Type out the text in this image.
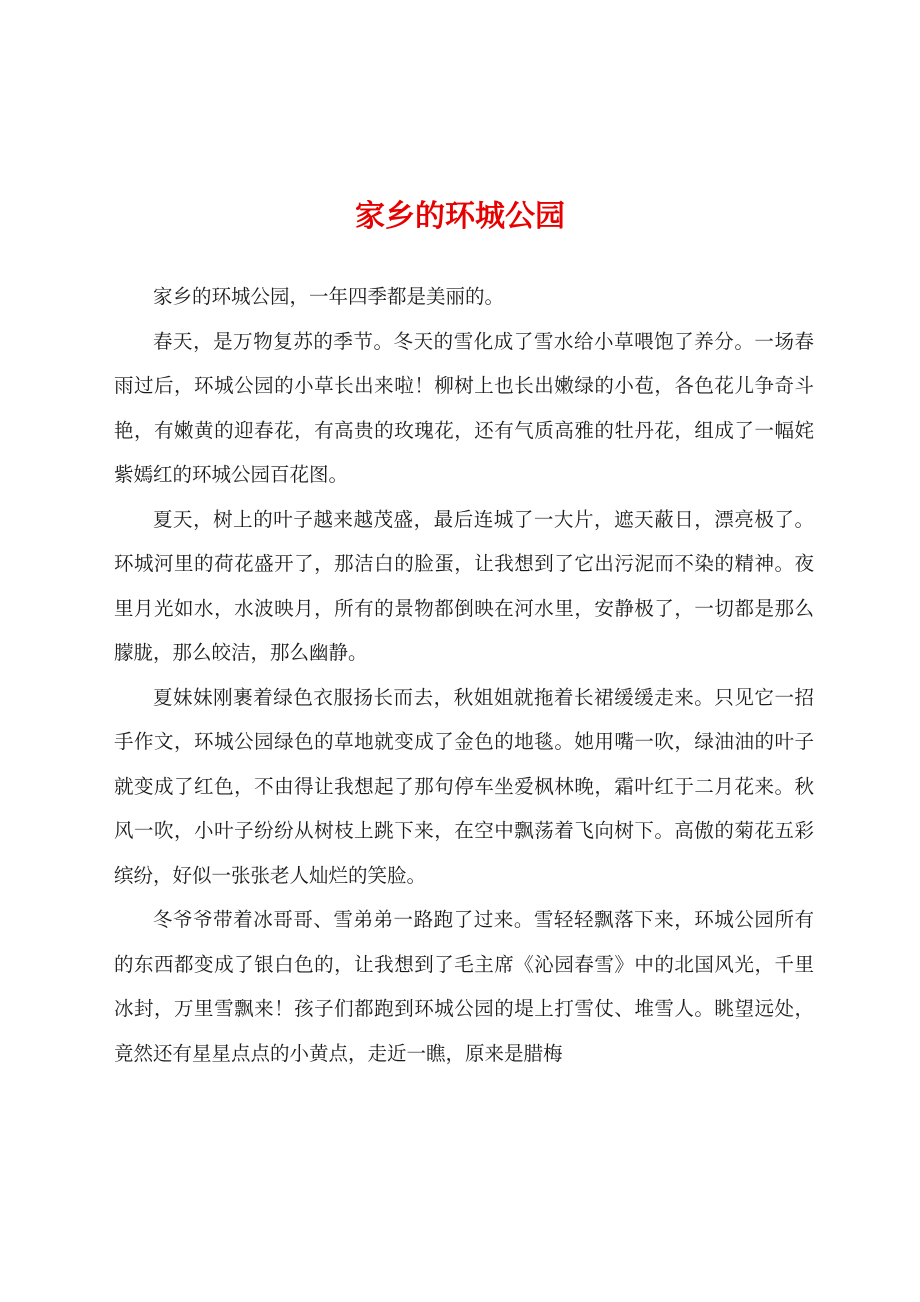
家乡的环城公园

家乡的环城公园，一年四季都是美丽的。

春天，是万物复苏的季节。冬天的雪化成了雪水给小草喂饱了养分。一场春雨过后，环城公园的小草长出来啦！柳树上也长出嫩绿的小苞，各色花儿争奇斗艳，有嫩黄的迎春花，有高贵的玫瑰花，还有气质高雅的牡丹花，组成了一幅姹紫嫣红的环城公园百花图。

夏天，树上的叶子越来越茂盛，最后连城了一大片，遮天蔽日，漂亮极了。环城河里的荷花盛开了，那洁白的脸蛋，让我想到了它出污泥而不染的精神。夜里月光如水，水波映月，所有的景物都倒映在河水里，安静极了，一切都是那么朦胧，那么皎洁，那么幽静。

夏妹妹刚裹着绿色衣服扬长而去，秋姐姐就拖着长裙缓缓走来。只见它一招手作文，环城公园绿色的草地就变成了金色的地毯。她用嘴一吹，绿油油的叶子就变成了红色，不由得让我想起了那句停车坐爱枫林晚，霜叶红于二月花来。秋风一吹，小叶子纷纷从树枝上跳下来，在空中飘荡着飞向树下。高傲的菊花五彩缤纷，好似一张张老人灿烂的笑脸。

冬爷爷带着冰哥哥、雪弟弟一路跑了过来。雪轻轻飘落下来，环城公园所有的东西都变成了银白色的，让我想到了毛主席《沁园春雪》中的北国风光，千里冰封，万里雪飘来！孩子们都跑到环城公园的堤上打雪仗、堆雪人。眺望远处，竟然还有星星点点的小黄点，走近一瞧，原来是腊梅
